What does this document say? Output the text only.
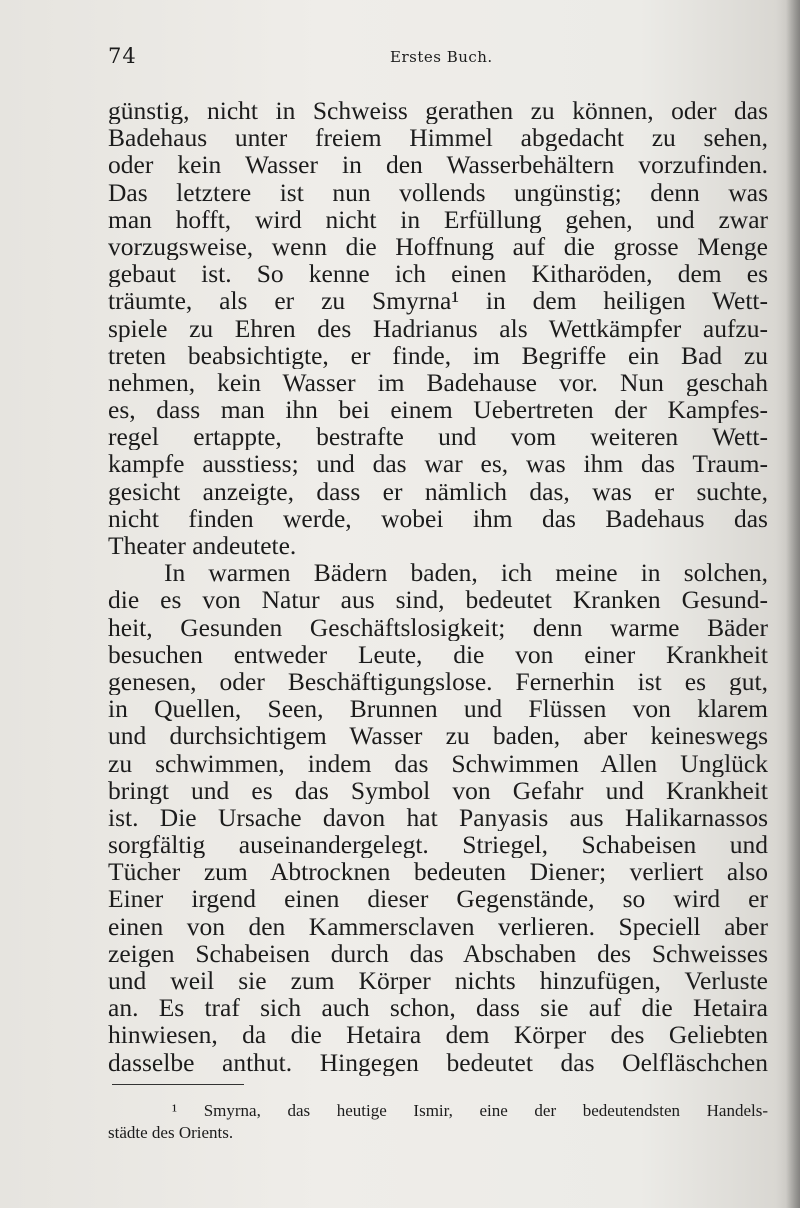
74	Erstes Buch.
günstig, nicht in Schweiss gerathen zu können, oder das
Badehaus unter freiem Himmel abgedacht zu sehen,
oder kein Wasser in den Wasserbehältern vorzufinden.
Das letztere ist nun vollends ungünstig; denn was
man hofft, wird nicht in Erfüllung gehen, und zwar
vorzugsweise, wenn die Hoffnung auf die grosse Menge
gebaut ist. So kenne ich einen Kitharöden, dem es
träumte, als er zu Smyrna¹ in dem heiligen Wett-
spiele zu Ehren des Hadrianus als Wettkämpfer aufzu-
treten beabsichtigte, er finde, im Begriffe ein Bad zu
nehmen, kein Wasser im Badehause vor. Nun geschah
es, dass man ihn bei einem Uebertreten der Kampfes-
regel ertappte, bestrafte und vom weiteren Wett-
kampfe ausstiess; und das war es, was ihm das Traum-
gesicht anzeigte, dass er nämlich das, was er suchte,
nicht finden werde, wobei ihm das Badehaus das
Theater andeutete.
In warmen Bädern baden, ich meine in solchen,
die es von Natur aus sind, bedeutet Kranken Gesund-
heit, Gesunden Geschäftslosigkeit; denn warme Bäder
besuchen entweder Leute, die von einer Krankheit
genesen, oder Beschäftigungslose. Fernerhin ist es gut,
in Quellen, Seen, Brunnen und Flüssen von klarem
und durchsichtigem Wasser zu baden, aber keineswegs
zu schwimmen, indem das Schwimmen Allen Unglück
bringt und es das Symbol von Gefahr und Krankheit
ist. Die Ursache davon hat Panyasis aus Halikarnassos
sorgfältig auseinandergelegt. Striegel, Schabeisen und
Tücher zum Abtrocknen bedeuten Diener; verliert also
Einer irgend einen dieser Gegenstände, so wird er
einen von den Kammersclaven verlieren. Speciell aber
zeigen Schabeisen durch das Abschaben des Schweisses
und weil sie zum Körper nichts hinzufügen, Verluste
an. Es traf sich auch schon, dass sie auf die Hetaira
hinwiesen, da die Hetaira dem Körper des Geliebten
dasselbe anthut. Hingegen bedeutet das Oelfläschchen
¹ Smyrna, das heutige Ismir, eine der bedeutendsten Handels-
städte des Orients.
